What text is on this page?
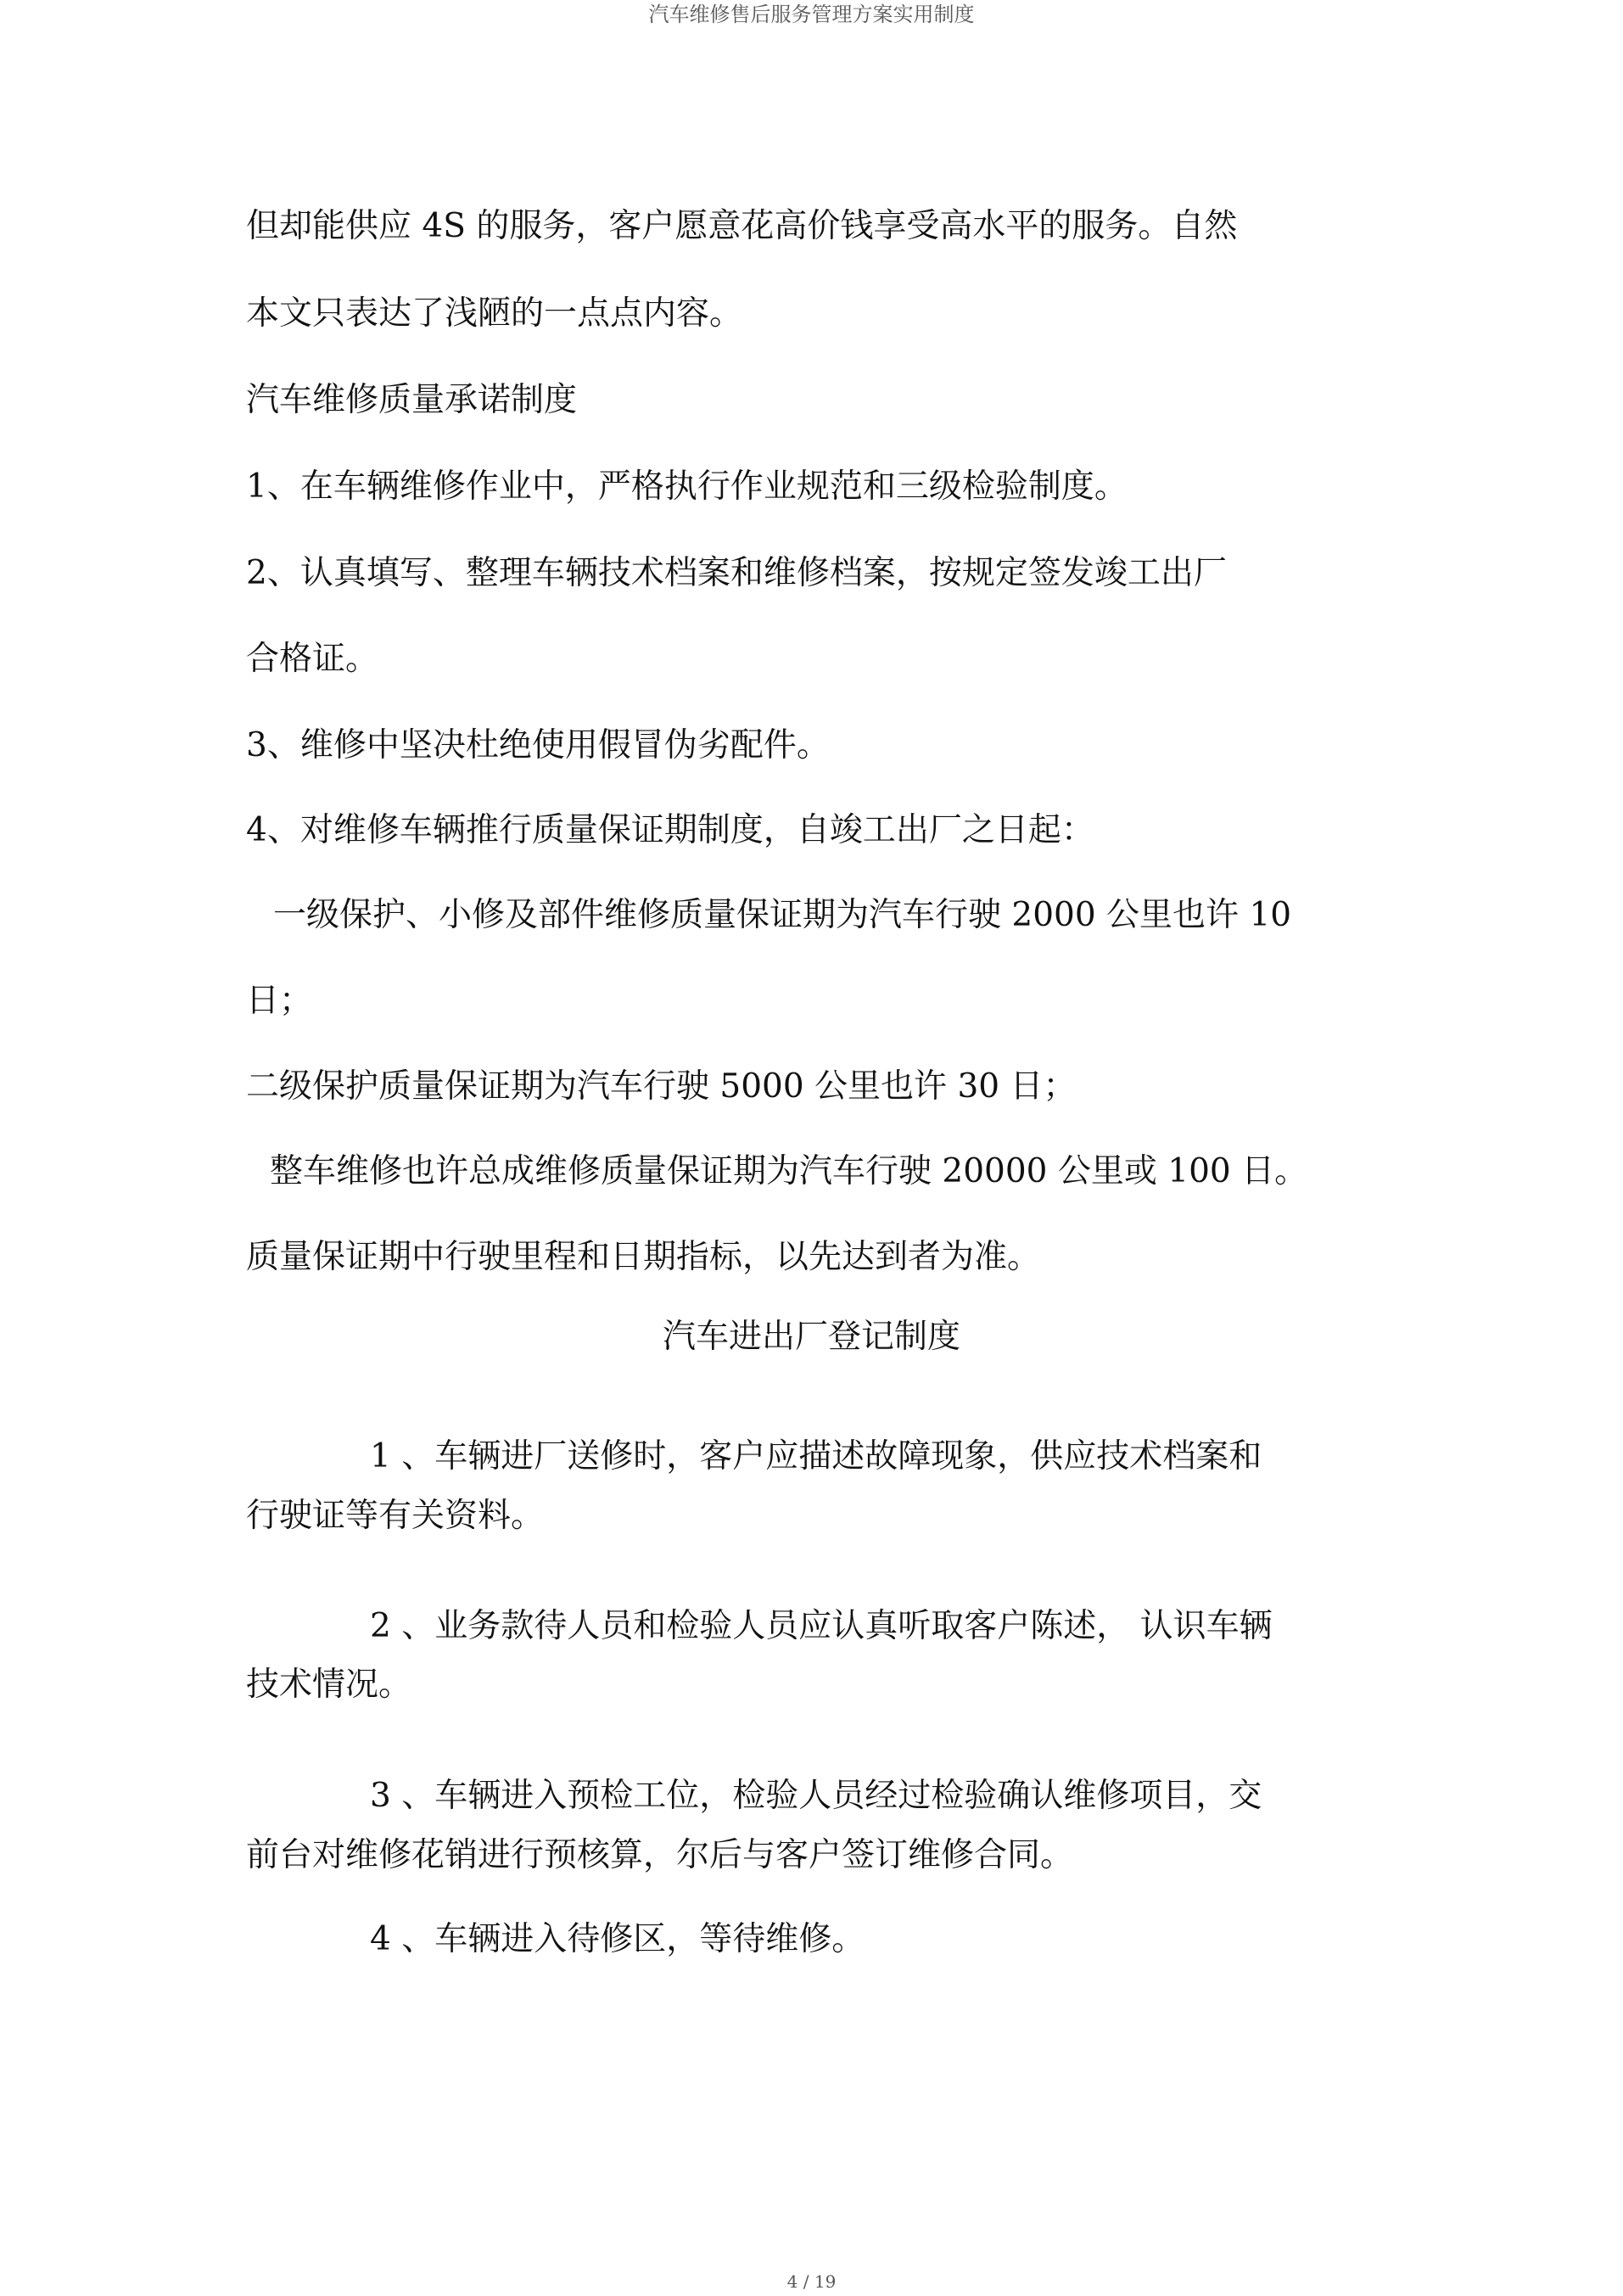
汽车维修售后服务管理方案实用制度
但却能供应 4S 的服务，客户愿意花高价钱享受高水平的服务。自然
本文只表达了浅陋的一点点内容。
汽车维修质量承诺制度
1、在车辆维修作业中，严格执行作业规范和三级检验制度。
2、认真填写、整理车辆技术档案和维修档案，按规定签发竣工出厂
合格证。
3、维修中坚决杜绝使用假冒伪劣配件。
4、对维修车辆推行质量保证期制度，自竣工出厂之日起：
一级保护、小修及部件维修质量保证期为汽车行驶 2000 公里也许 10
日；
二级保护质量保证期为汽车行驶 5000 公里也许 30 日；
整车维修也许总成维修质量保证期为汽车行驶 20000 公里或 100 日。
质量保证期中行驶里程和日期指标，以先达到者为准。
汽车进出厂登记制度
1 、车辆进厂送修时，客户应描述故障现象，供应技术档案和
行驶证等有关资料。
2 、业务款待人员和检验人员应认真听取客户陈述， 认识车辆
技术情况。
3 、车辆进入预检工位，检验人员经过检验确认维修项目，交
前台对维修花销进行预核算，尔后与客户签订维修合同。
4 、车辆进入待修区，等待维修。
4 / 19
